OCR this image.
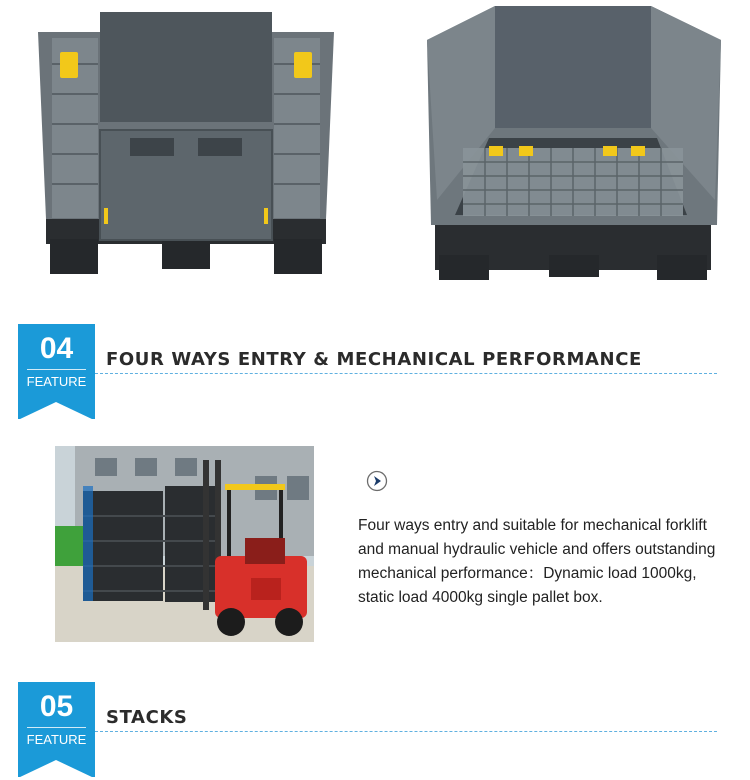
04
FEATURE
FOUR WAYS ENTRY & MECHANICAL PERFORMANCE
Four ways entry and suitable for mechanical forklift and manual hydraulic vehicle and offers outstanding mechanical performance：Dynamic load 1000kg, static load 4000kg single pallet box.
05
FEATURE
STACKS
